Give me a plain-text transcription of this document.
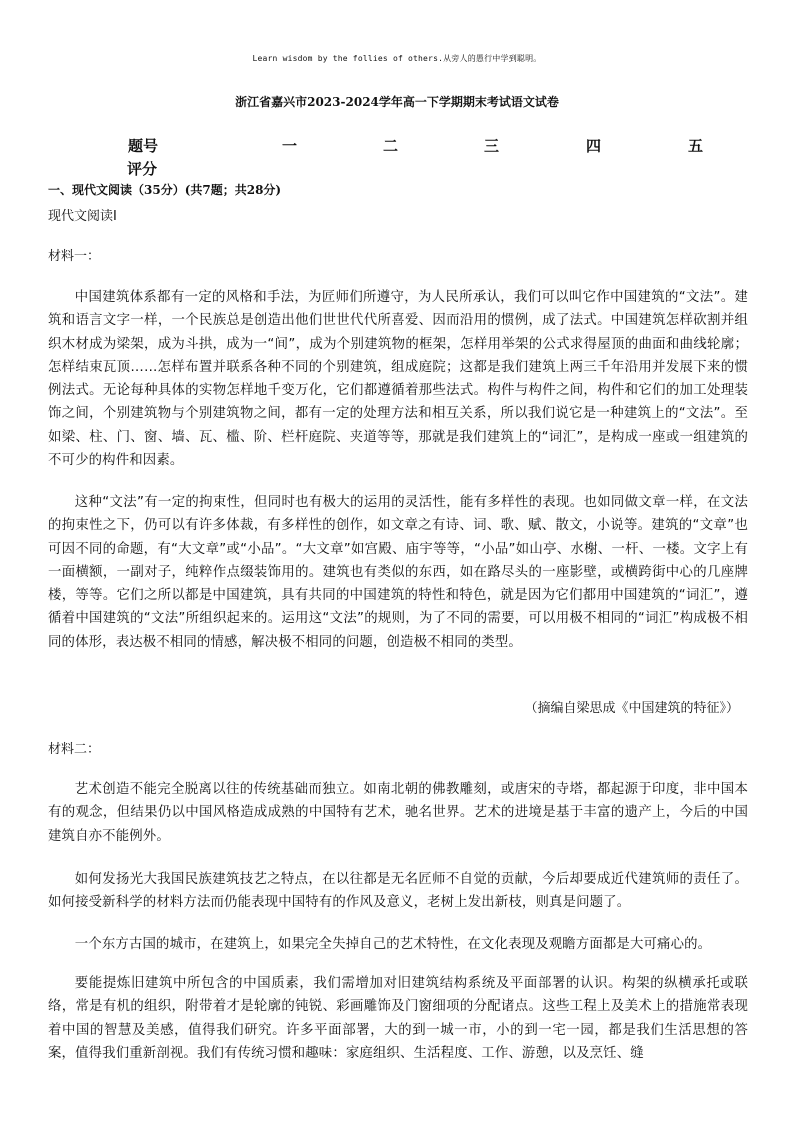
Learn wisdom by the follies of others.从旁人的愚行中学到聪明。
浙江省嘉兴市2023-2024学年高一下学期期末考试语文试卷
题号	一	二	三	四	五
评分
一、现代文阅读（35分）(共7题；共28分)
现代文阅读Ⅰ
材料一：
中国建筑体系都有一定的风格和手法，为匠师们所遵守，为人民所承认，我们可以叫它作中国建筑的“文法”。建筑和语言文字一样，一个民族总是创造出他们世世代代所喜爱、因而沿用的惯例，成了法式。中国建筑怎样砍割并组织木材成为梁架，成为斗拱，成为一“间”，成为个别建筑物的框架，怎样用举架的公式求得屋顶的曲面和曲线轮廓；怎样结束瓦顶……怎样布置并联系各种不同的个别建筑，组成庭院；这都是我们建筑上两三千年沿用并发展下来的惯例法式。无论每种具体的实物怎样地千变万化，它们都遵循着那些法式。构件与构件之间，构件和它们的加工处理装饰之间，个别建筑物与个别建筑物之间，都有一定的处理方法和相互关系，所以我们说它是一种建筑上的“文法”。至如梁、柱、门、窗、墙、瓦、槛、阶、栏杆庭院、夹道等等，那就是我们建筑上的“词汇”，是构成一座或一组建筑的不可少的构件和因素。
这种“文法”有一定的拘束性，但同时也有极大的运用的灵活性，能有多样性的表现。也如同做文章一样，在文法的拘束性之下，仍可以有许多体裁，有多样性的创作，如文章之有诗、词、歌、赋、散文，小说等。建筑的“文章”也可因不同的命题，有“大文章”或“小品”。“大文章”如宫殿、庙宇等等，“小品”如山亭、水榭、一杆、一楼。文字上有一面横额，一副对子，纯粹作点缀装饰用的。建筑也有类似的东西，如在路尽头的一座影壁，或横跨街中心的几座牌楼，等等。它们之所以都是中国建筑，具有共同的中国建筑的特性和特色，就是因为它们都用中国建筑的“词汇”，遵循着中国建筑的“文法”所组织起来的。运用这“文法”的规则，为了不同的需要，可以用极不相同的“词汇”构成极不相同的体形，表达极不相同的情感，解决极不相同的问题，创造极不相同的类型。
（摘编自梁思成《中国建筑的特征》）
材料二：
艺术创造不能完全脱离以往的传统基础而独立。如南北朝的佛教雕刻，或唐宋的寺塔，都起源于印度，非中国本有的观念，但结果仍以中国风格造成成熟的中国特有艺术，驰名世界。艺术的进境是基于丰富的遗产上，今后的中国建筑自亦不能例外。
如何发扬光大我国民族建筑技艺之特点，在以往都是无名匠师不自觉的贡献，今后却要成近代建筑师的责任了。如何接受新科学的材料方法而仍能表现中国特有的作风及意义，老树上发出新枝，则真是问题了。
一个东方古国的城市，在建筑上，如果完全失掉自己的艺术特性，在文化表现及观瞻方面都是大可痛心的。
要能提炼旧建筑中所包含的中国质素，我们需增加对旧建筑结构系统及平面部署的认识。构架的纵横承托或联络，常是有机的组织，附带着才是轮廓的钝锐、彩画雕饰及门窗细项的分配诸点。这些工程上及美术上的措施常表现着中国的智慧及美感，值得我们研究。许多平面部署，大的到一城一市，小的到一宅一园，都是我们生活思想的答案，值得我们重新剖视。我们有传统习惯和趣味：家庭组织、生活程度、工作、游憩，以及烹饪、缝
